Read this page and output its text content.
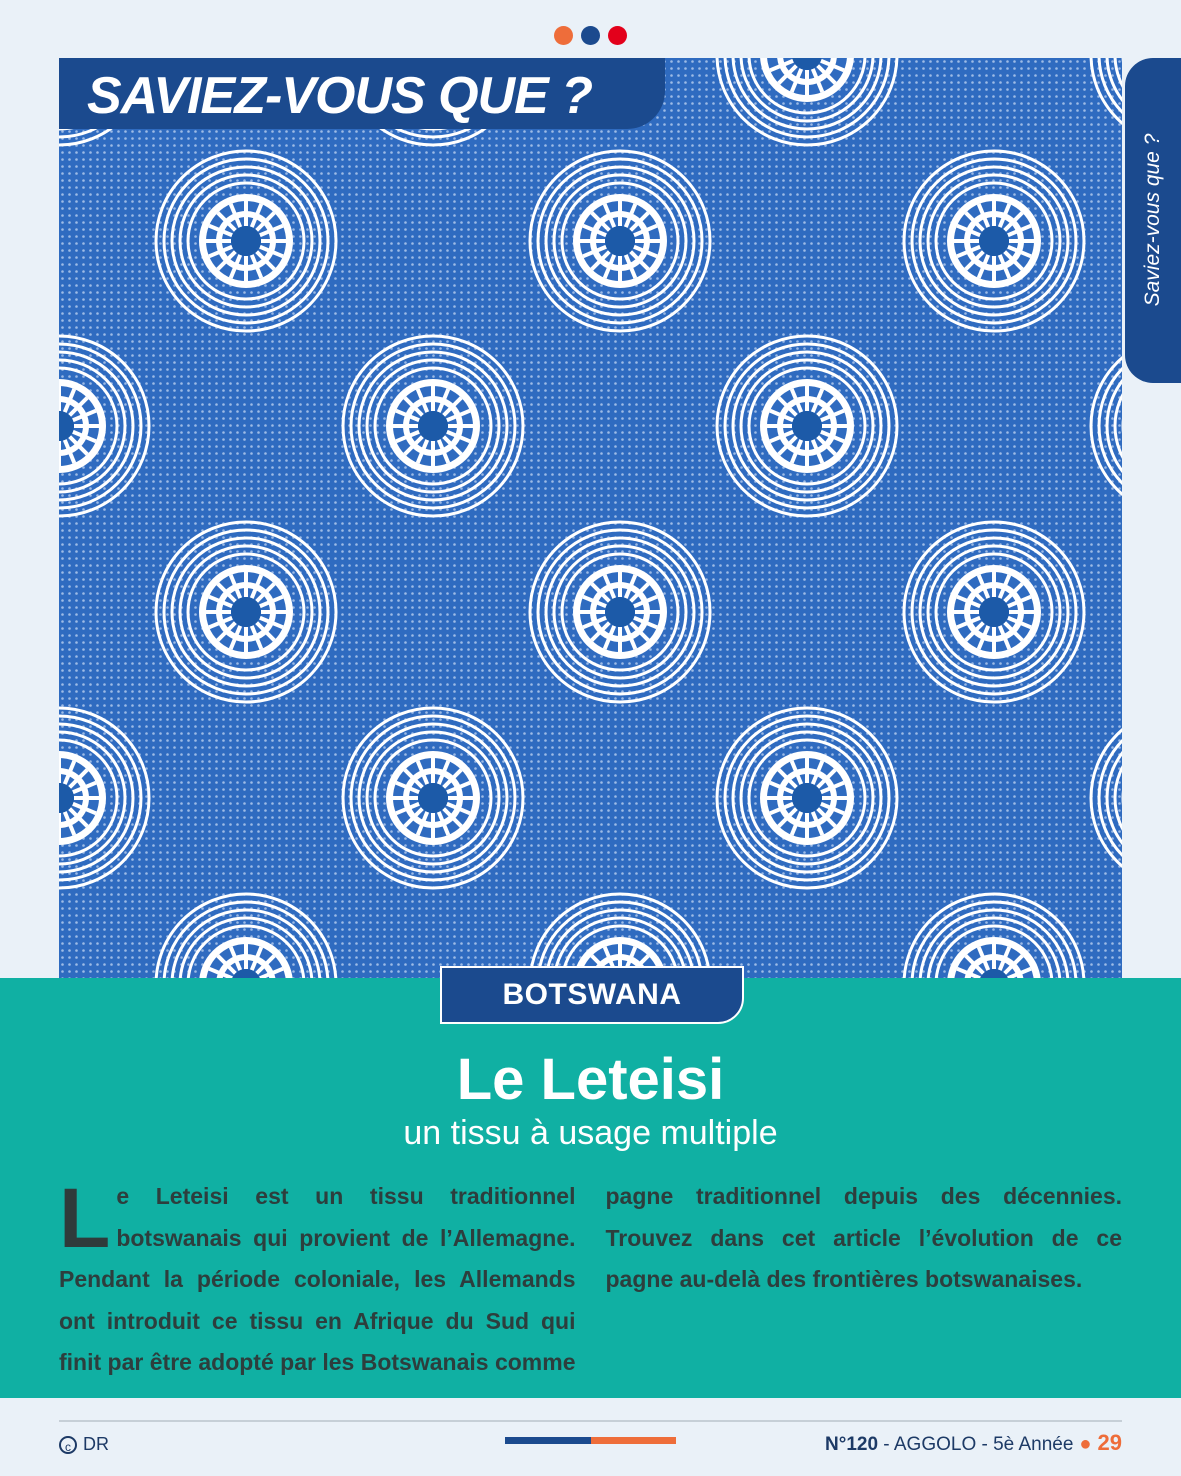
SAVIEZ-VOUS QUE ?
Saviez-vous que ?
BOTSWANA
Le Leteisi
un tissu à usage multiple

Le Leteisi est un tissu traditionnel botswanais qui provient de l’Allemagne. Pendant la période coloniale, les Allemands ont introduit ce tissu en Afrique du Sud qui finit par être adopté par les Botswanais comme pagne traditionnel depuis des décennies. Trouvez dans cet article l’évolution de ce pagne au-delà des frontières botswanaises.

c DR	N°120 - AGGOLO - 5è Année ● 29
